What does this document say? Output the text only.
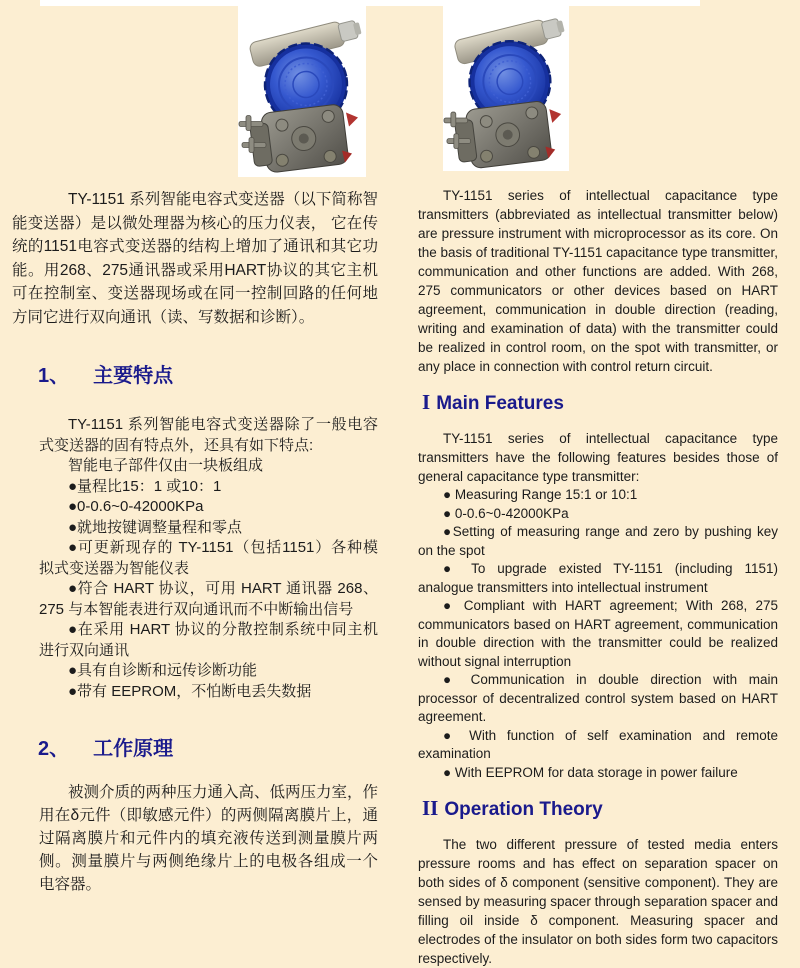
TY-1151 系列智能电容式变送器（以下简称智能变送器）是以微处理器为核心的压力仪表， 它在传统的1151电容式变送器的结构上增加了通讯和其它功能。用268、275通讯器或采用HART协议的其它主机可在控制室、变送器现场或在同一控制回路的任何地方同它进行双向通讯（读、写数据和诊断）。

1、 主要特点

TY-1151 系列智能电容式变送器除了一般电容式变送器的固有特点外，还具有如下特点:

智能电子部件仅由一块板组成

●量程比15：1 或10：1

●0-0.6~0-42000KPa

●就地按键调整量程和零点

●可更新现存的 TY-1151（包括1151）各种模拟式变送器为智能仪表

●符合 HART 协议，可用 HART 通讯器 268、275 与本智能表进行双向通讯而不中断输出信号

●在采用 HART 协议的分散控制系统中同主机进行双向通讯

●具有自诊断和远传诊断功能

●带有 EEPROM，不怕断电丢失数据

2、 工作原理

被测介质的两种压力通入高、低两压力室，作用在δ元件（即敏感元件）的两侧隔离膜片上，通过隔离膜片和元件内的填充液传送到测量膜片两侧。测量膜片与两侧绝缘片上的电极各组成一个电容器。

TY-1151 series of intellectual capacitance type transmitters (abbreviated as intellectual transmitter below) are pressure instrument with microprocessor as its core. On the basis of traditional TY-1151 capacitance type transmitter, communication and other functions are added. With 268, 275 communicators or other devices based on HART agreement, communication in double direction (reading, writing and examination of data) with the transmitter could be realized in control room, on the spot with transmitter, or any place in connection with control return circuit.

I Main Features

TY-1151 series of intellectual capacitance type transmitters have the following features besides those of general capacitance type transmitter:

● Measuring Range 15:1 or 10:1

● 0-0.6~0-42000KPa

●Setting of measuring range and zero by pushing key on the spot

● To upgrade existed TY-1151 (including 1151) analogue transmitters into intellectual instrument

● Compliant with HART agreement; With 268, 275 communicators based on HART agreement, communication in double direction with the transmitter could be realized without signal interruption

● Communication in double direction with main processor of decentralized control system based on HART agreement.

● With function of self examination and remote examination

● With EEPROM for data storage in power failure

II Operation Theory

The two different pressure of tested media enters pressure rooms and has effect on separation spacer on both sides of δ component (sensitive component). They are sensed by measuring spacer through separation spacer and filling oil inside δ component. Measuring spacer and electrodes of the insulator on both sides form two capacitors respectively.
